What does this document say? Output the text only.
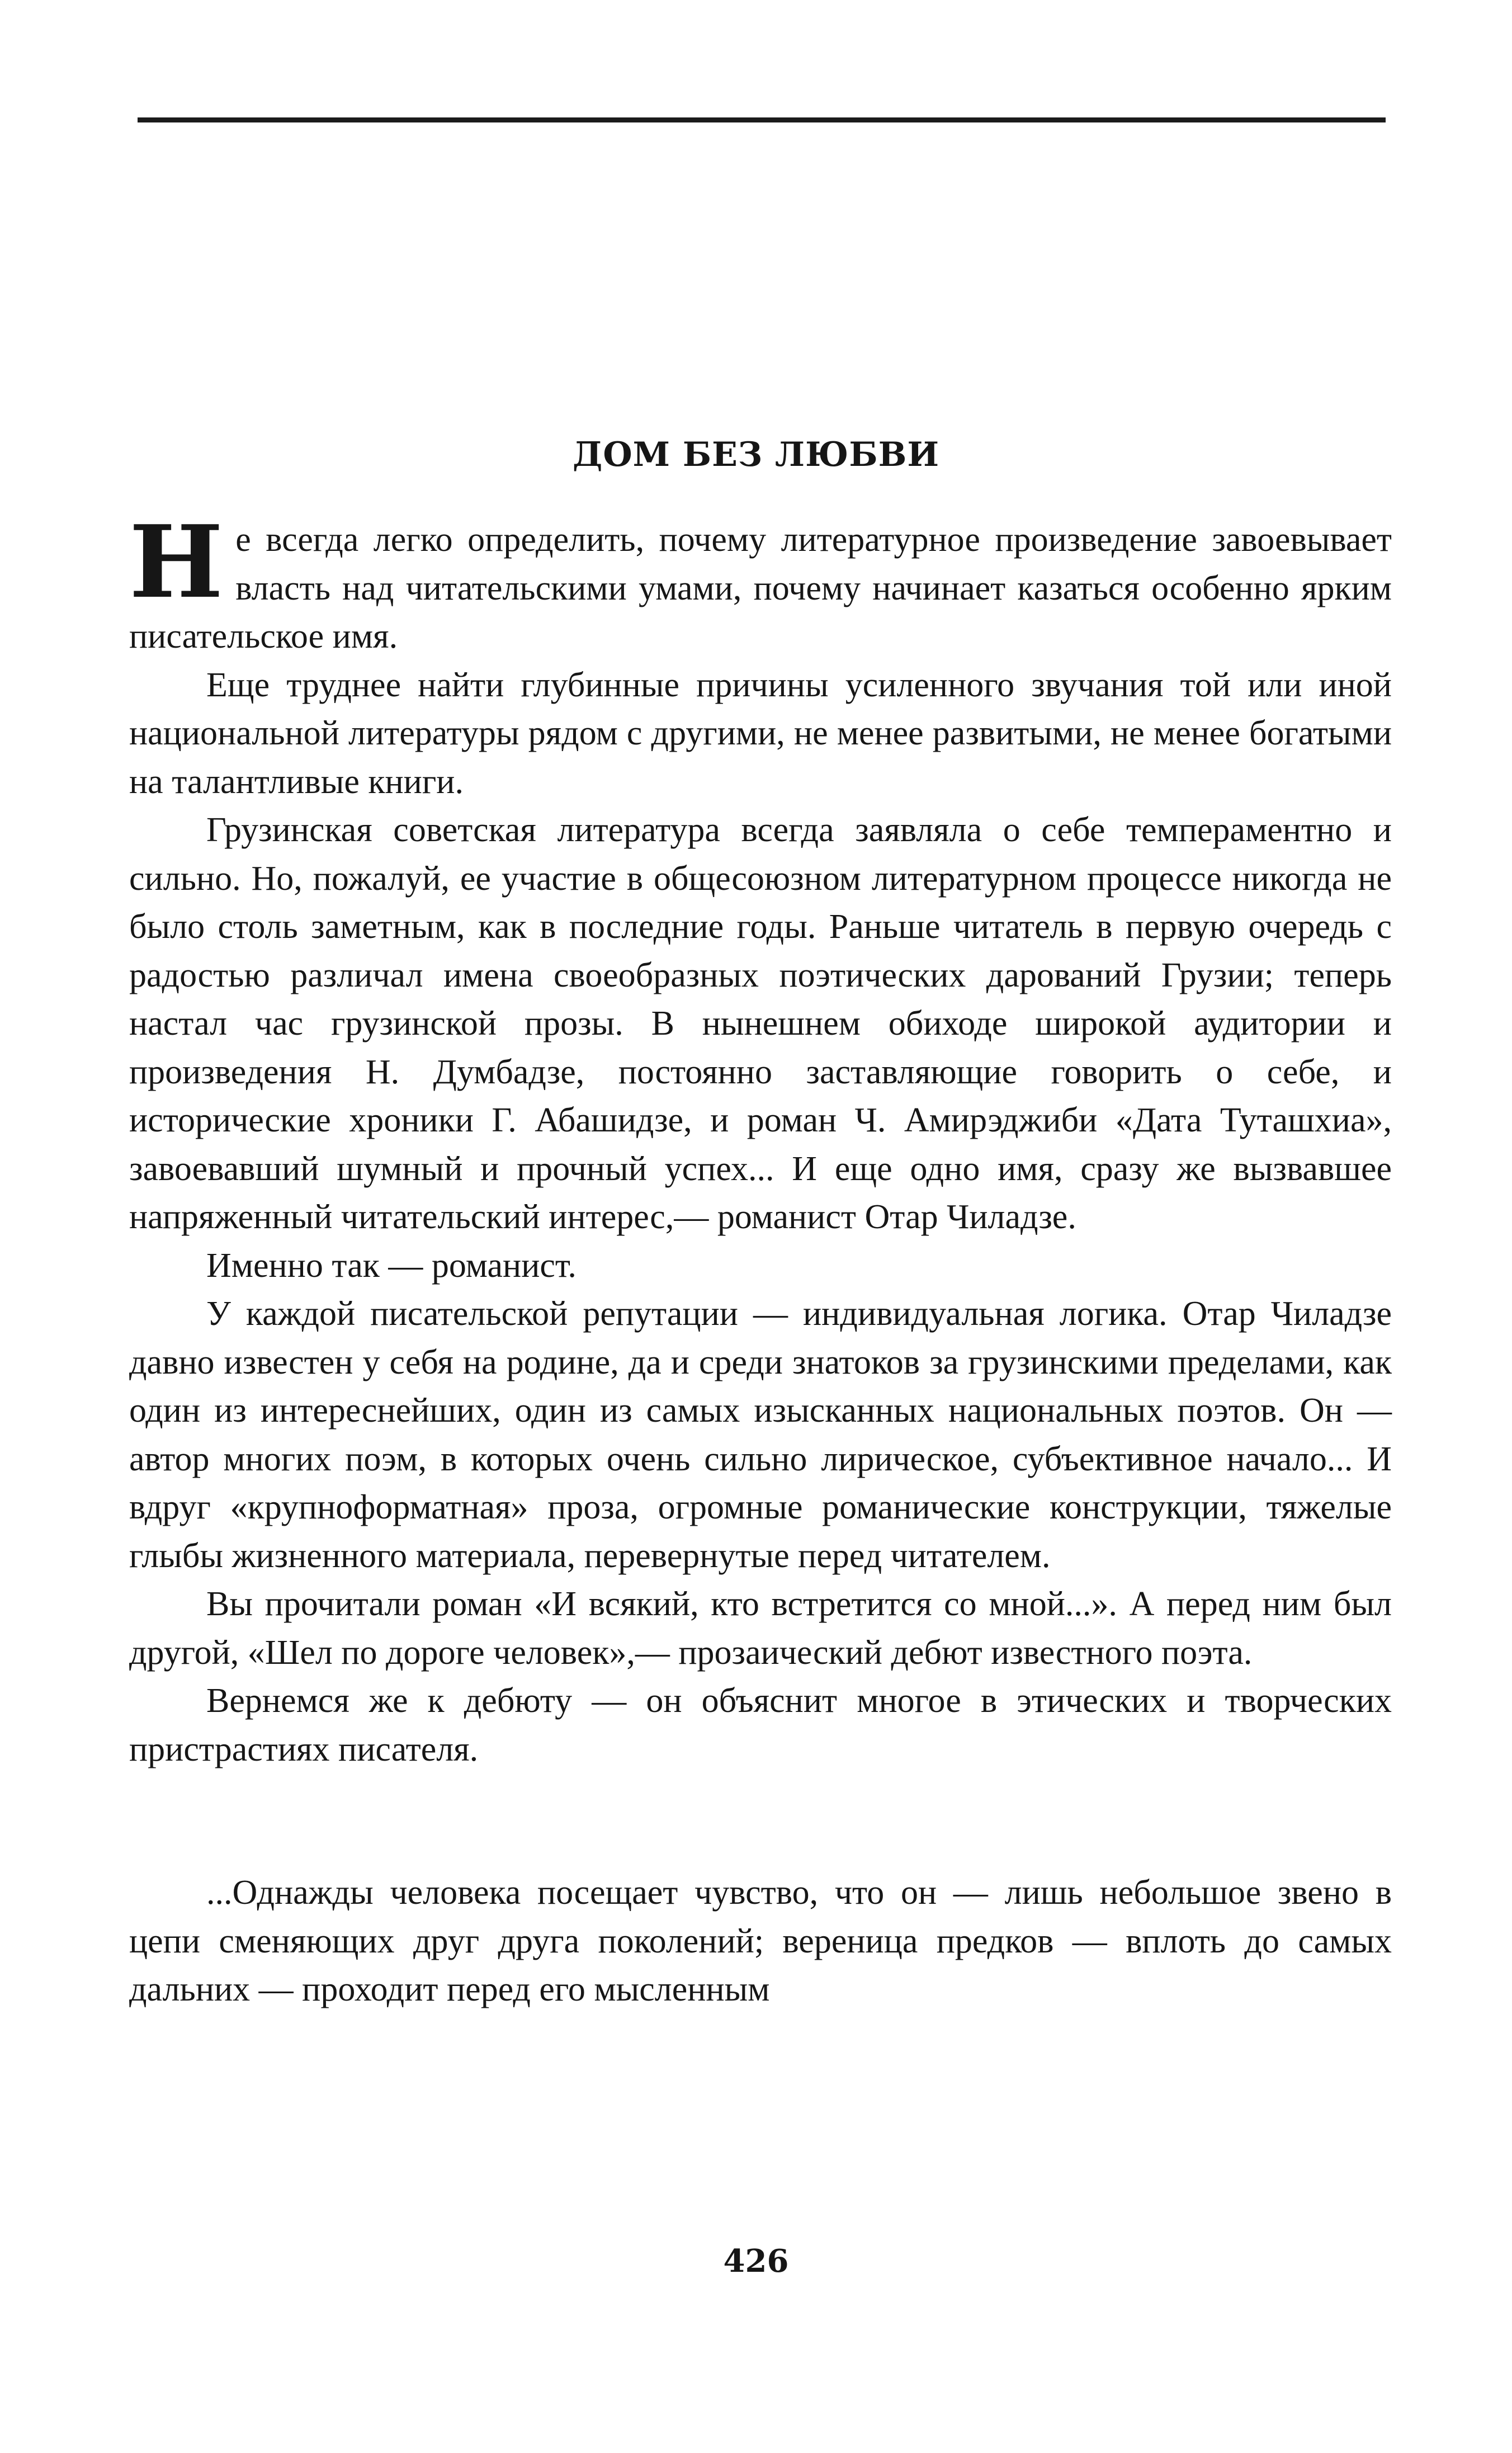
ДОМ БЕЗ ЛЮБВИ

Не всегда легко определить, почему литературное произведение завоевывает власть над читательскими умами, почему начинает казаться особенно ярким писательское имя.

Еще труднее найти глубинные причины усиленного звучания той или иной национальной литературы рядом с другими, не менее развитыми, не менее богатыми на талантливые книги.

Грузинская советская литература всегда заявляла о себе темпераментно и сильно. Но, пожалуй, ее участие в общесоюзном литературном процессе никогда не было столь заметным, как в последние годы. Раньше читатель в первую очередь с радостью различал имена своеобразных поэтических дарований Грузии; теперь настал час грузинской прозы. В нынешнем обиходе широкой аудитории и произведения Н. Думбадзе, постоянно заставляющие говорить о себе, и исторические хроники Г. Абашидзе, и роман Ч. Амирэджиби «Дата Туташхиа», завоевавший шумный и прочный успех... И еще одно имя, сразу же вызвавшее напряженный читательский интерес,— романист Отар Чиладзе.

Именно так — романист.

У каждой писательской репутации — индивидуальная логика. Отар Чиладзе давно известен у себя на родине, да и среди знатоков за грузинскими пределами, как один из интереснейших, один из самых изысканных национальных поэтов. Он — автор многих поэм, в которых очень сильно лирическое, субъективное начало... И вдруг «крупноформатная» проза, огромные романические конструкции, тяжелые глыбы жизненного материала, перевернутые перед читателем.

Вы прочитали роман «И всякий, кто встретится со мной...». А перед ним был другой, «Шел по дороге человек»,— прозаический дебют известного поэта.

Вернемся же к дебюту — он объяснит многое в этических и творческих пристрастиях писателя.

...Однажды человека посещает чувство, что он — лишь небольшое звено в цепи сменяющих друг друга поколений; вереница предков — вплоть до самых дальних — проходит перед его мысленным

426
